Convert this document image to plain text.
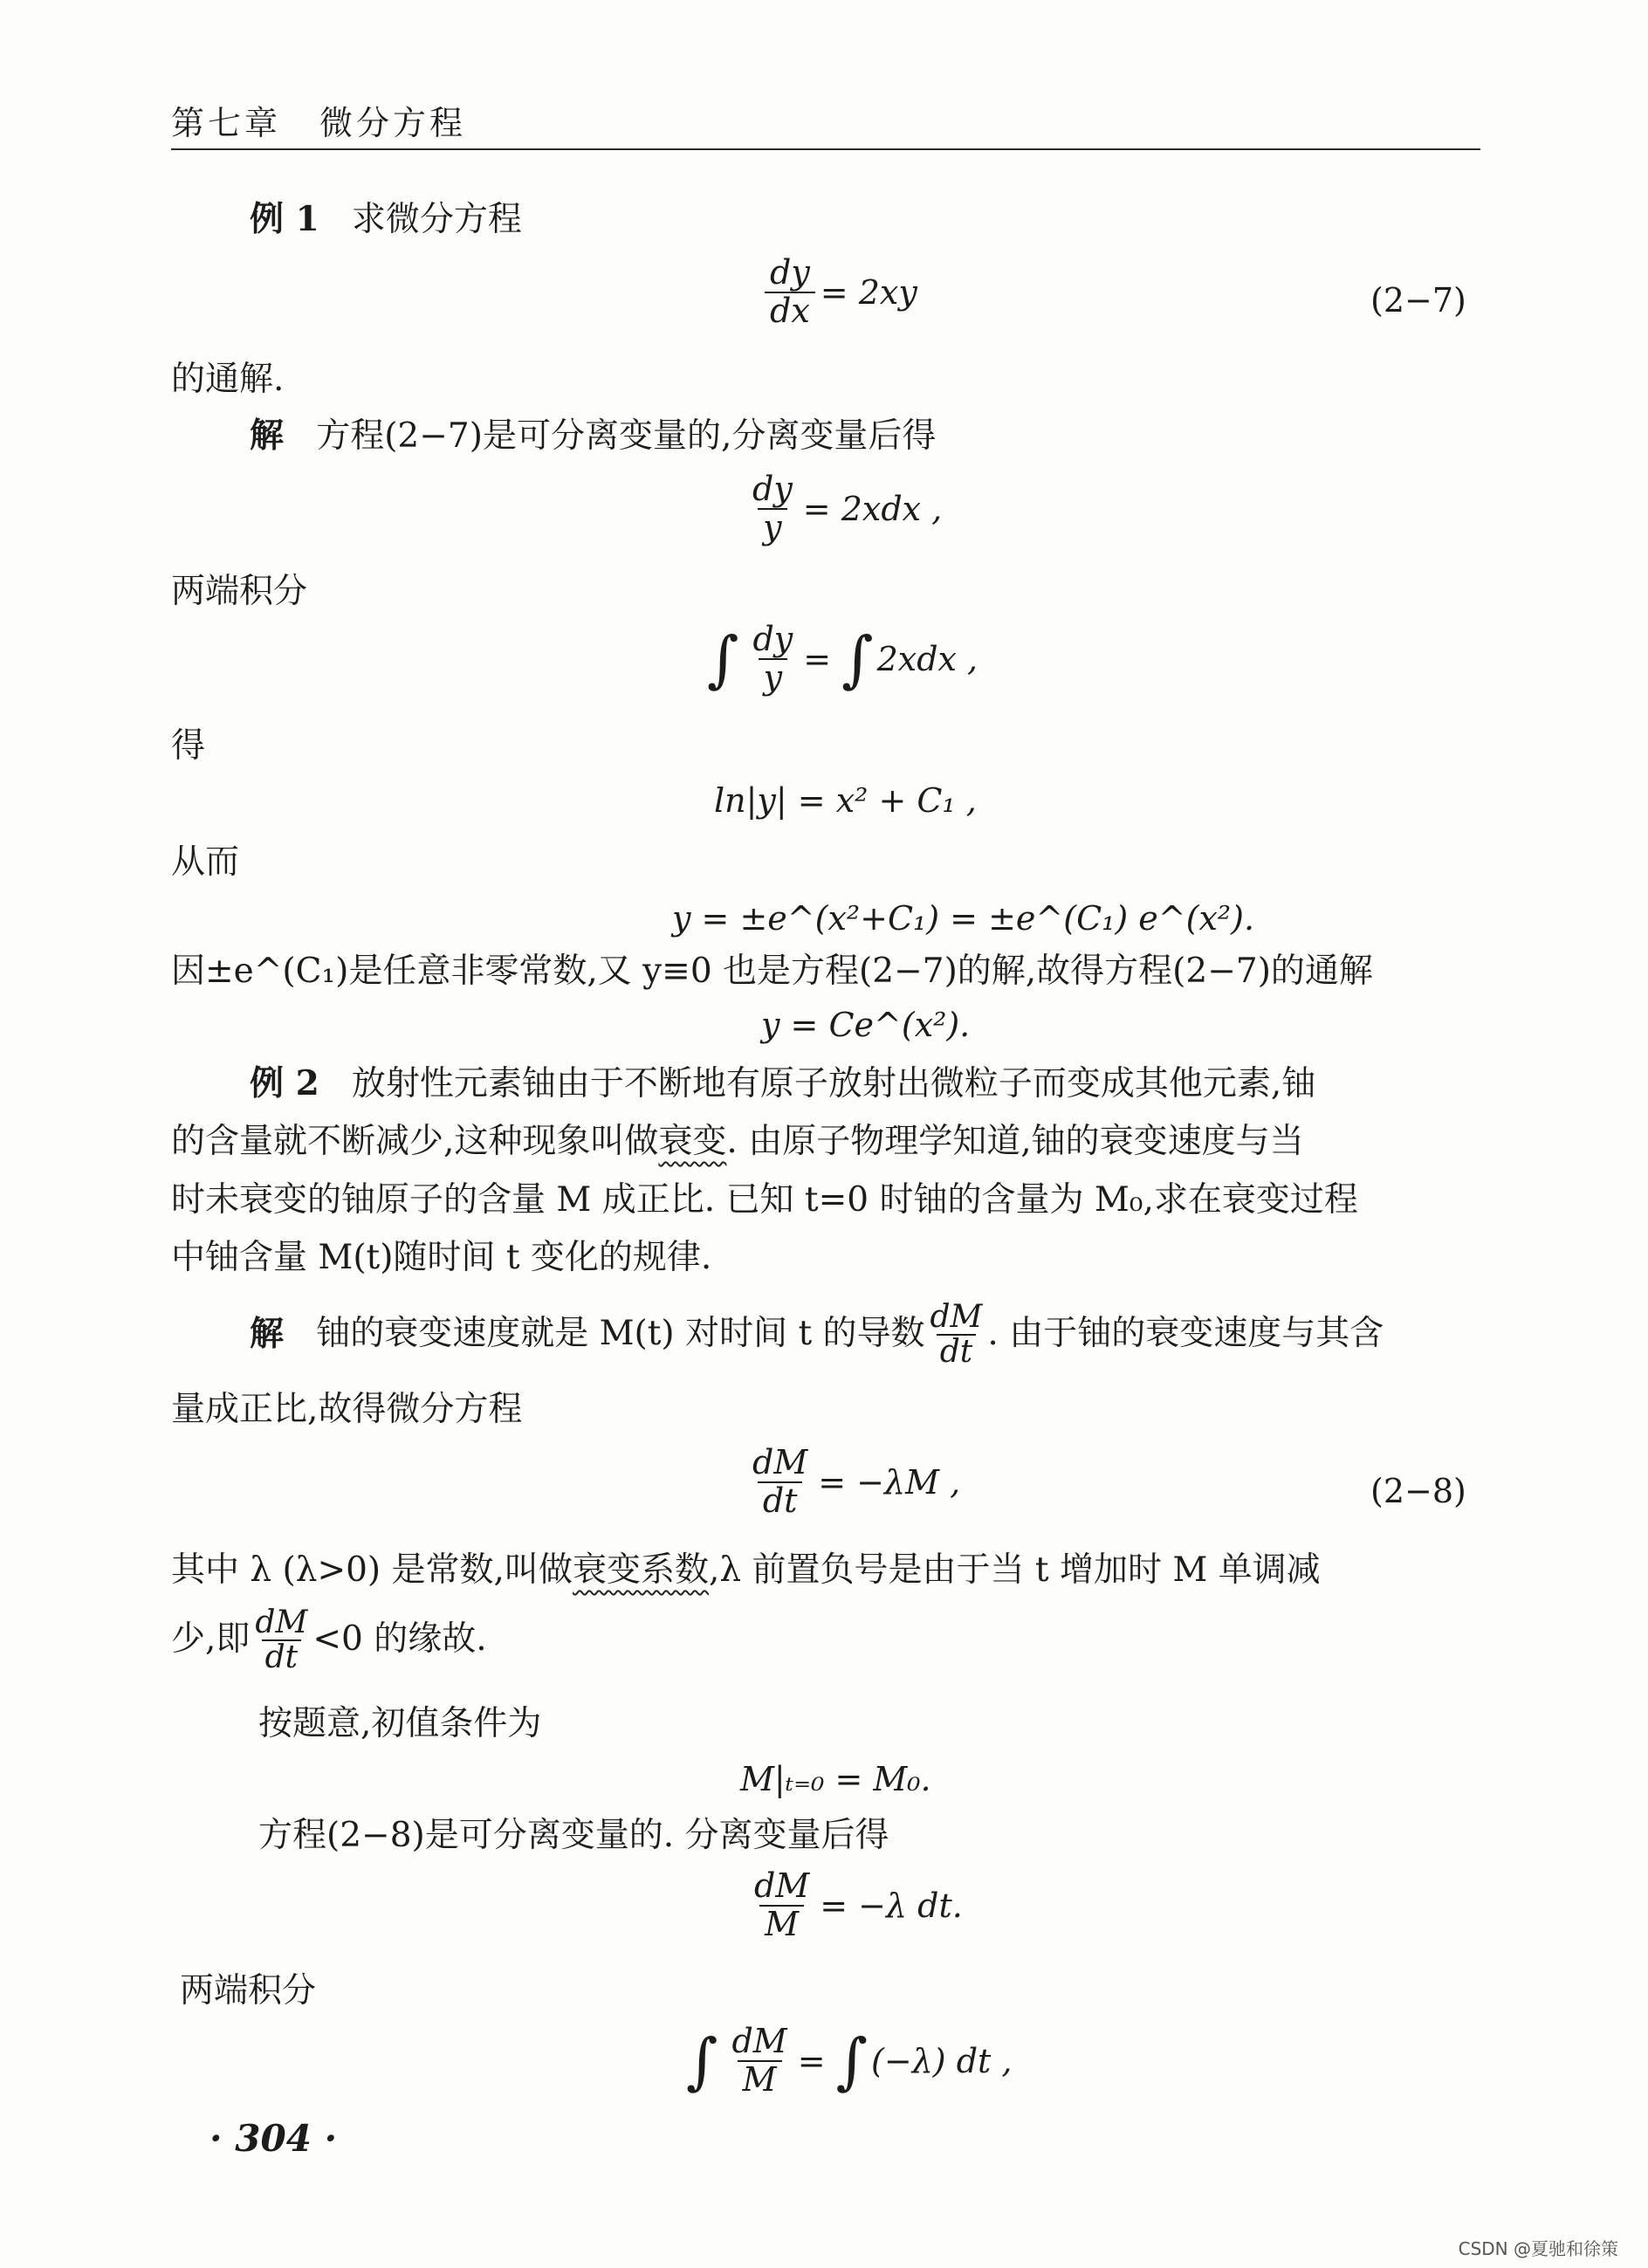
第七章 微分方程
例 1 求微分方程
$\frac{dy}{dx} = 2xy$	(2−7)
的通解.
解 方程(2−7)是可分离变量的,分离变量后得
$\frac{dy}{y} = 2xdx$ ,
两端积分
∫ $\frac{dy}{y}$ = ∫ 2xdx ,
得
ln|y| = x² + C₁ ,
从而
y = ±e^(x²+C₁) = ±e^(C₁) e^(x²).
因±e^(C₁)是任意非零常数,又 y≡0 也是方程(2−7)的解,故得方程(2−7)的通解
y = Ce^(x²).
例 2 放射性元素铀由于不断地有原子放射出微粒子而变成其他元素,铀
的含量就不断减少,这种现象叫做衰变. 由原子物理学知道,铀的衰变速度与当
时未衰变的铀原子的含量 M 成正比. 已知 t=0 时铀的含量为 M₀,求在衰变过程
中铀含量 M(t)随时间 t 变化的规律.
解
铀的衰变速度就是 M(t) 对时间 t 的导数 $\frac{dM}{dt}$ . 由于铀的衰变速度与其含
量成正比,故得微分方程
$\frac{dM}{dt} = -\lambda M$ ,	(2−8)
其中 λ (λ>0) 是常数,叫做衰变系数,λ 前置负号是由于当 t 增加时 M 单调减
少,即 $\frac{dM}{dt} <0$ 的缘故.
按题意,初值条件为
M|ₜ₌₀ = M₀.
方程(2−8)是可分离变量的. 分离变量后得
$\frac{dM}{M} = -\lambda$ dt.
两端积分
∫ $\frac{dM}{M}$ = ∫ (−λ) dt ,
· 304 ·
CSDN @夏驰和徐策
